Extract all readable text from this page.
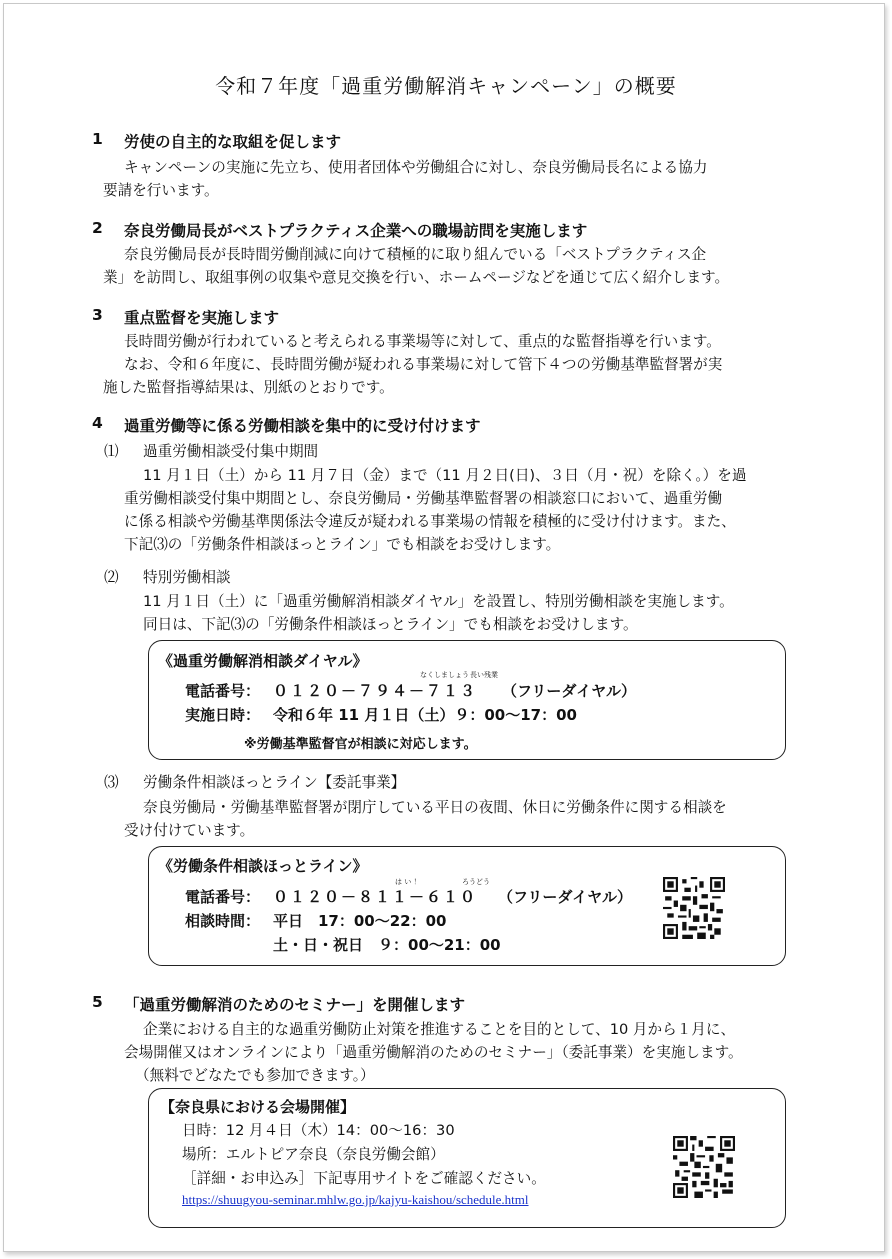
令和７年度「過重労働解消キャンペーン」の概要
1 労使の自主的な取組を促します
キャンペーンの実施に先立ち、使用者団体や労働組合に対し、奈良労働局長名による協力
要請を行います。
2 奈良労働局長がベストプラクティス企業への職場訪問を実施します
奈良労働局長が長時間労働削減に向けて積極的に取り組んでいる「ベストプラクティス企
業」を訪問し、取組事例の収集や意見交換を行い、ホームページなどを通じて広く紹介します。
3 重点監督を実施します
長時間労働が行われていると考えられる事業場等に対して、重点的な監督指導を行います。
なお、令和６年度に、長時間労働が疑われる事業場に対して管下４つの労働基準監督署が実
施した監督指導結果は、別紙のとおりです。
4 過重労働等に係る労働相談を集中的に受け付けます
⑴ 過重労働相談受付集中期間
11 月１日（土）から 11 月７日（金）まで（11 月２日(日)、３日（月・祝）を除く。）を過
重労働相談受付集中期間とし、奈良労働局・労働基準監督署の相談窓口において、過重労働
に係る相談や労働基準関係法令違反が疑われる事業場の情報を積極的に受け付けます。また、
下記⑶の「労働条件相談ほっとライン」でも相談をお受けします。
⑵ 特別労働相談
11 月１日（土）に「過重労働解消相談ダイヤル」を設置し、特別労働相談を実施します。
同日は、下記⑶の「労働条件相談ほっとライン」でも相談をお受けします。
《過重労働解消相談ダイヤル》
なくしましょう 長い残業
電話番号： ０１２０－７９４－７１３ （フリーダイヤル）
実施日時： 令和６年 11 月１日（土）９：00～17：00
※労働基準監督官が相談に対応します。
⑶ 労働条件相談ほっとライン【委託事業】
奈良労働局・労働基準監督署が閉庁している平日の夜間、休日に労働条件に関する相談を
受け付けています。
《労働条件相談ほっとライン》
は い ！	ろうどう
電話番号： ０１２０－８１１－６１０ （フリーダイヤル）
相談時間： 平日　17：00～22：00
土・日・祝日　９：00～21：00
5 「過重労働解消のためのセミナー」を開催します
企業における自主的な過重労働防止対策を推進することを目的として、10 月から１月に、
会場開催又はオンラインにより「過重労働解消のためのセミナー」（委託事業）を実施します。
（無料でどなたでも参加できます。）
【奈良県における会場開催】
日時：12 月４日（木）14：00～16：30
場所：エルトピア奈良（奈良労働会館）
［詳細・お申込み］下記専用サイトをご確認ください。
https://shuugyou-seminar.mhlw.go.jp/kajyu-kaishou/schedule.html
